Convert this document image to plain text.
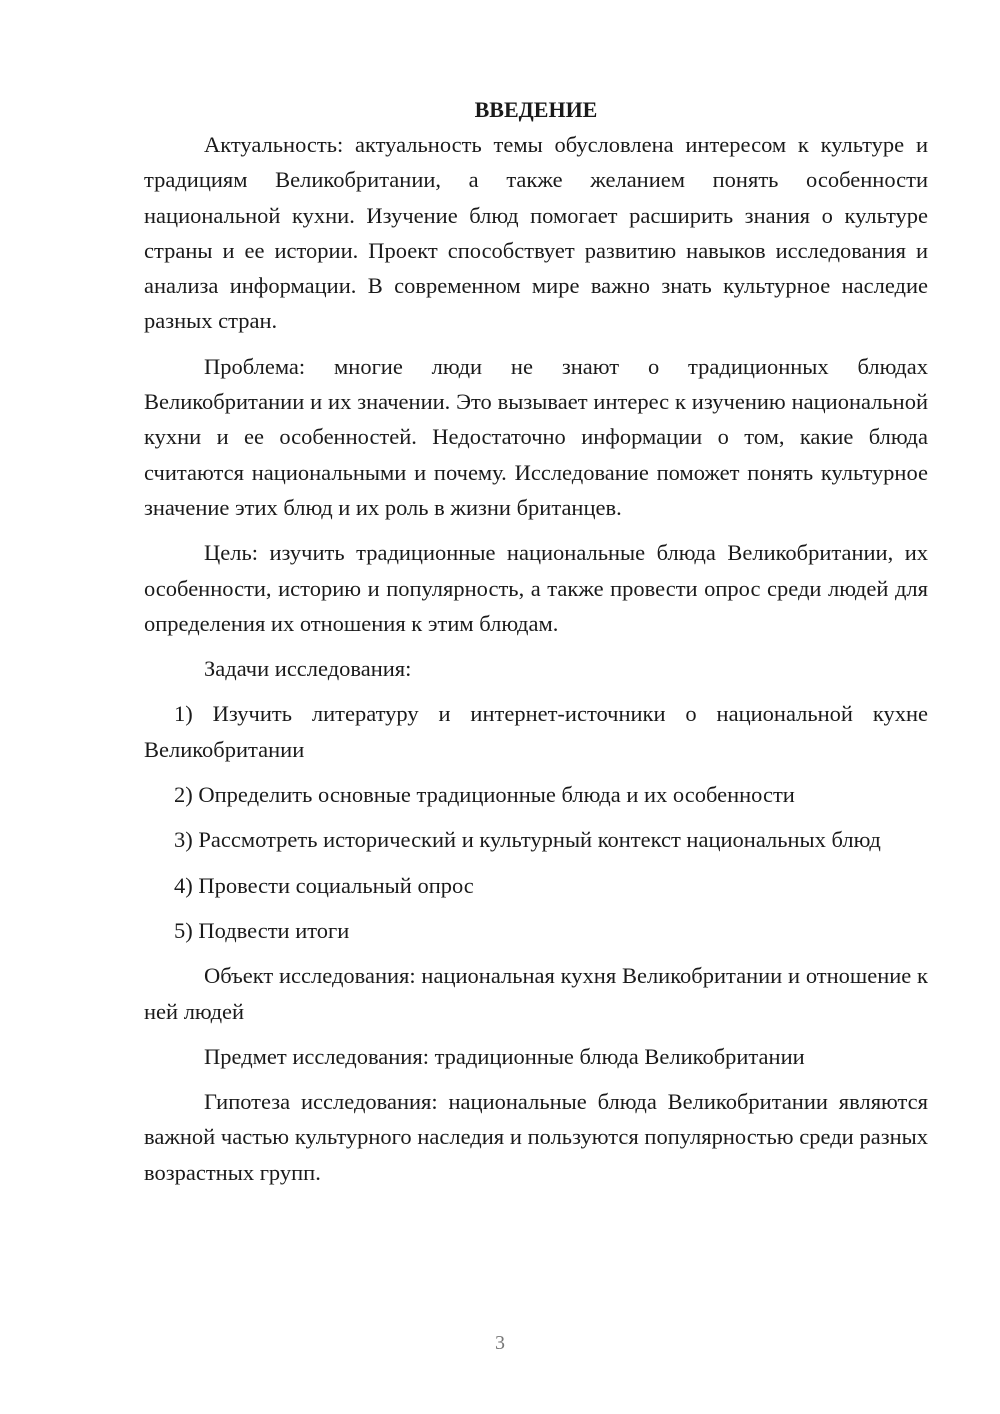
ВВЕДЕНИЕ

Актуальность: актуальность темы обусловлена интересом к культуре и традициям Великобритании, а также желанием понять особенности национальной кухни. Изучение блюд помогает расширить знания о культуре страны и ее истории. Проект способствует развитию навыков исследования и анализа информации. В современном мире важно знать культурное наследие разных стран.

Проблема: многие люди не знают о традиционных блюдах Великобритании и их значении. Это вызывает интерес к изучению национальной кухни и ее особенностей. Недостаточно информации о том, какие блюда считаются национальными и почему. Исследование поможет понять культурное значение этих блюд и их роль в жизни британцев.

Цель: изучить традиционные национальные блюда Великобритании, их особенности, историю и популярность, а также провести опрос среди людей для определения их отношения к этим блюдам.

Задачи исследования:

1) Изучить литературу и интернет-источники о национальной кухне Великобритании

2) Определить основные традиционные блюда и их особенности

3) Рассмотреть исторический и культурный контекст национальных блюд

4) Провести социальный опрос

5) Подвести итоги

Объект исследования: национальная кухня Великобритании и отношение к ней людей

Предмет исследования: традиционные блюда Великобритании

Гипотеза исследования: национальные блюда Великобритании являются важной частью культурного наследия и пользуются популярностью среди разных возрастных групп.

3
